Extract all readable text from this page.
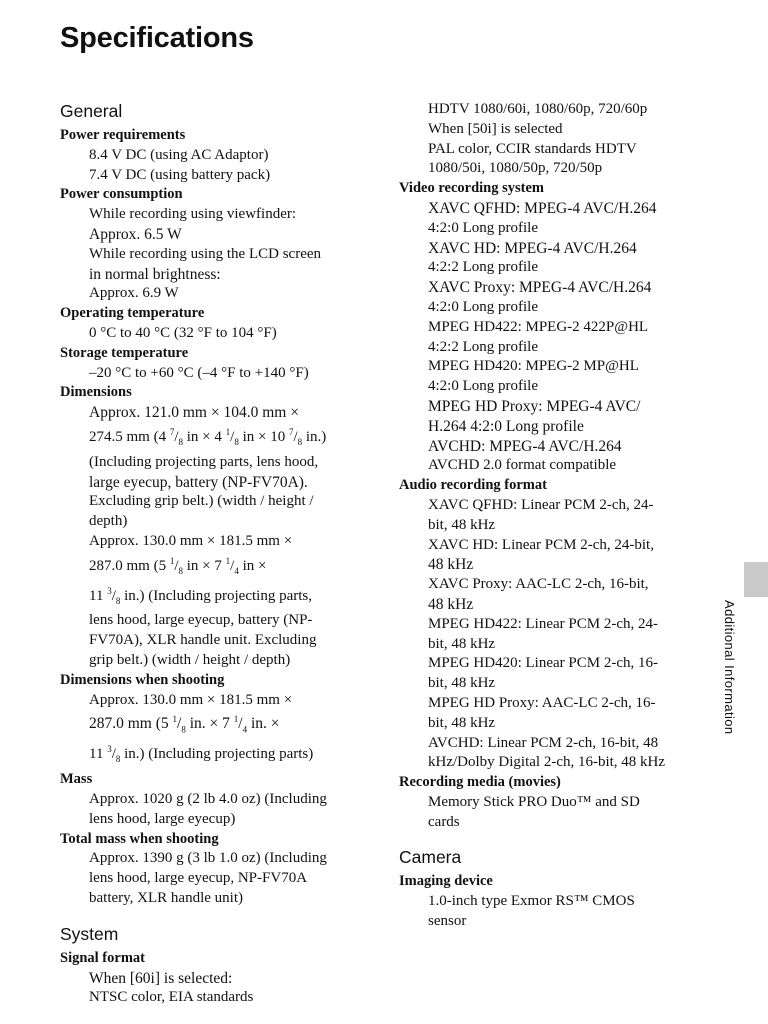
Specifications
General
Power requirements
8.4 V DC (using AC Adaptor)
7.4 V DC (using battery pack)
Power consumption
While recording using viewfinder:
Approx. 6.5 W
While recording using the LCD screen
in normal brightness:
Approx. 6.9 W
Operating temperature
0 °C to 40 °C (32 °F to 104 °F)
Storage temperature
–20 °C to +60 °C (–4 °F to +140 °F)
Dimensions
Approx. 121.0 mm × 104.0 mm ×
274.5 mm (4 $^7/_8$ in × 4 $^1/_8$ in × 10 $^7/_8$ in.)
(Including projecting parts, lens hood,
large eyecup, battery (NP-FV70A).
Excluding grip belt.) (width / height /
depth)
Approx. 130.0 mm × 181.5 mm ×
287.0 mm (5 $^1/_8$ in × 7 $^1/_4$ in ×
11 $^3/_8$ in.) (Including projecting parts,
lens hood, large eyecup, battery (NP-
FV70A), XLR handle unit. Excluding
grip belt.) (width / height / depth)
Dimensions when shooting
Approx. 130.0 mm × 181.5 mm ×
287.0 mm (5 $^1/_8$ in. × 7 $^1/_4$ in. ×
11 $^3/_8$ in.) (Including projecting parts)
Mass
Approx. 1020 g (2 lb 4.0 oz) (Including
lens hood, large eyecup)
Total mass when shooting
Approx. 1390 g (3 lb 1.0 oz) (Including
lens hood, large eyecup, NP-FV70A
battery, XLR handle unit)
System
Signal format
When [60i] is selected:
NTSC color, EIA standards
HDTV 1080/60i, 1080/60p, 720/60p
When [50i] is selected
PAL color, CCIR standards HDTV
1080/50i, 1080/50p, 720/50p
Video recording system
XAVC QFHD: MPEG-4 AVC/H.264
4:2:0 Long profile
XAVC HD: MPEG-4 AVC/H.264
4:2:2 Long profile
XAVC Proxy: MPEG-4 AVC/H.264
4:2:0 Long profile
MPEG HD422: MPEG-2 422P@HL
4:2:2 Long profile
MPEG HD420: MPEG-2 MP@HL
4:2:0 Long profile
MPEG HD Proxy: MPEG-4 AVC/
H.264 4:2:0 Long profile
AVCHD: MPEG-4 AVC/H.264
AVCHD 2.0 format compatible
Audio recording format
XAVC QFHD: Linear PCM 2-ch, 24-
bit, 48 kHz
XAVC HD: Linear PCM 2-ch, 24-bit,
48 kHz
XAVC Proxy: AAC-LC 2-ch, 16-bit,
48 kHz
MPEG HD422: Linear PCM 2-ch, 24-
bit, 48 kHz
MPEG HD420: Linear PCM 2-ch, 16-
bit, 48 kHz
MPEG HD Proxy: AAC-LC 2-ch, 16-
bit, 48 kHz
AVCHD: Linear PCM 2-ch, 16-bit, 48
kHz/Dolby Digital 2-ch, 16-bit, 48 kHz
Recording media (movies)
Memory Stick PRO Duo™ and SD
cards
Camera
Imaging device
1.0-inch type Exmor RS™ CMOS
sensor
Additional Information
